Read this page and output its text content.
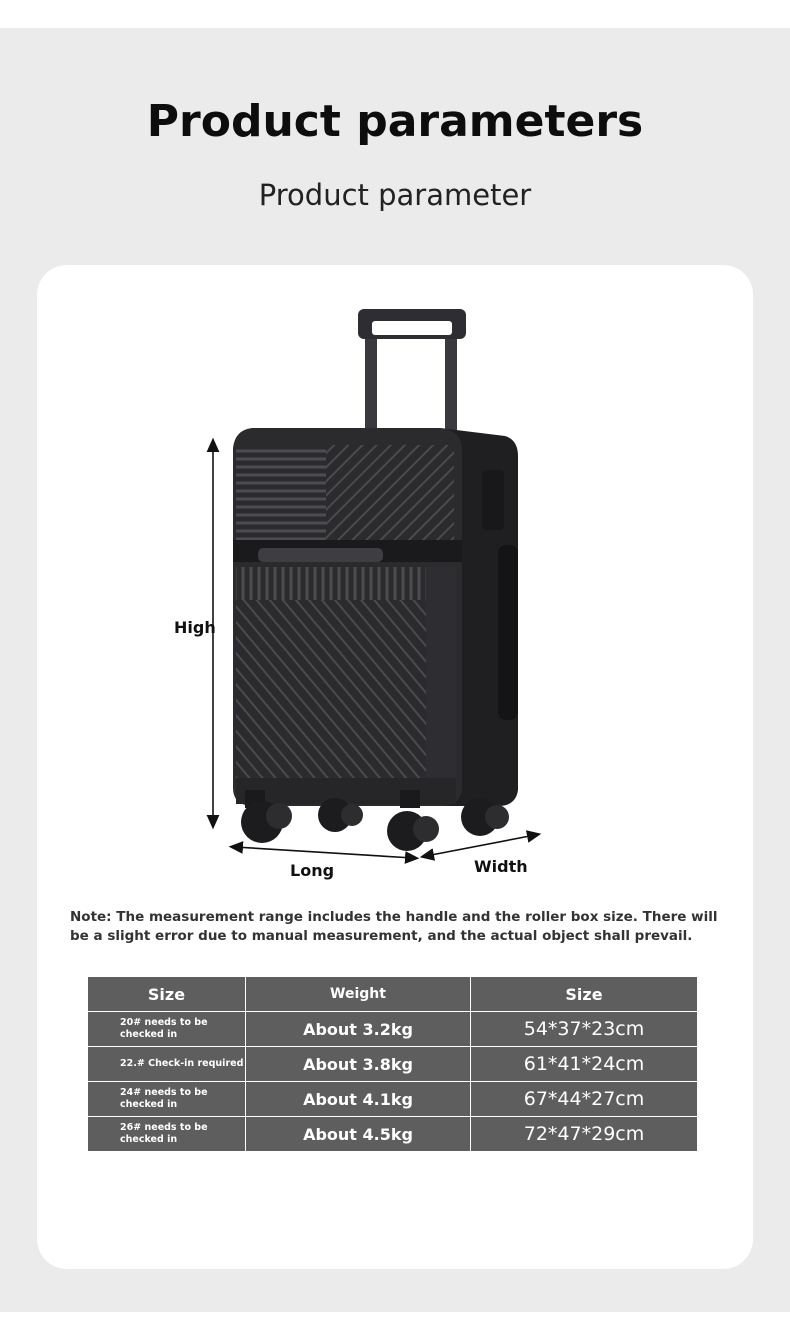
Product parameters
Product parameter
High
Long	Width
Note: The measurement range includes the handle and the roller box size. There will be a slight error due to manual measurement, and the actual object shall prevail.
Size	Weight	Size
20# needs to be checked in	About 3.2kg	54*37*23cm
22.# Check-in required	About 3.8kg	61*41*24cm
24# needs to be checked in	About 4.1kg	67*44*27cm
26# needs to be checked in	About 4.5kg	72*47*29cm
